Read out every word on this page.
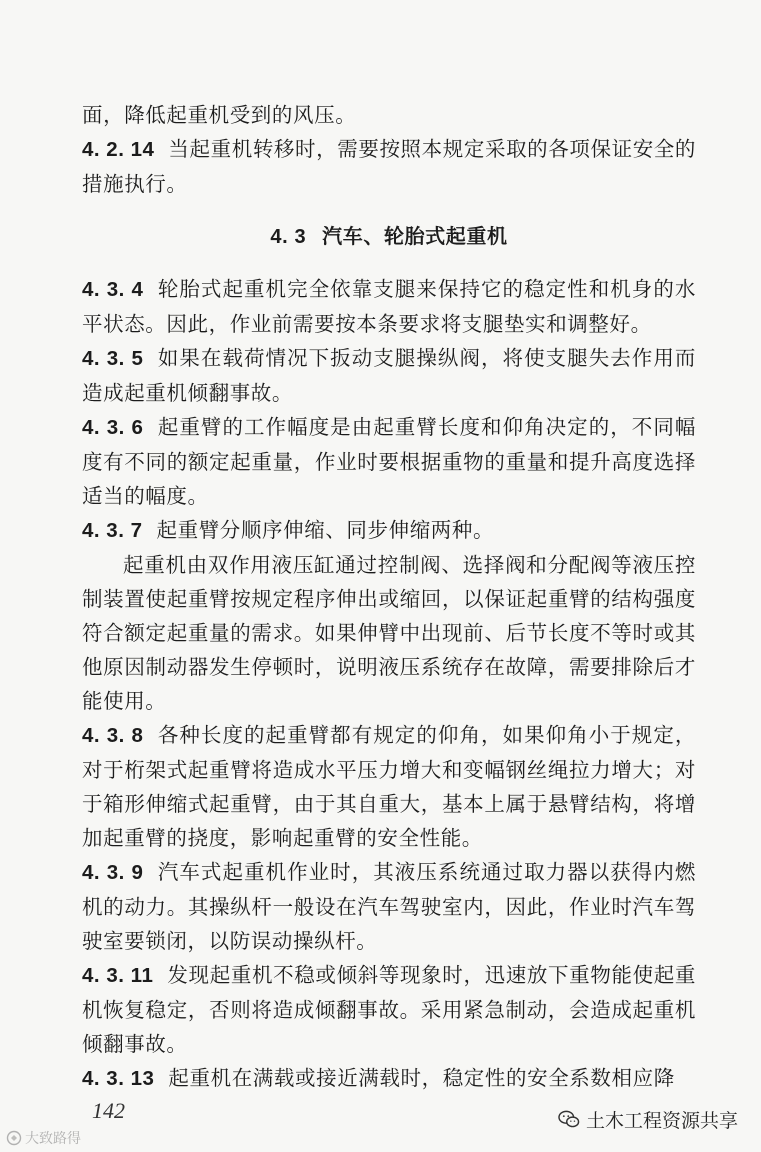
面，降低起重机受到的风压。

4. 2. 14 当起重机转移时，需要按照本规定采取的各项保证安全的措施执行。

4. 3 汽车、轮胎式起重机

4. 3. 4 轮胎式起重机完全依靠支腿来保持它的稳定性和机身的水平状态。因此，作业前需要按本条要求将支腿垫实和调整好。

4. 3. 5 如果在载荷情况下扳动支腿操纵阀，将使支腿失去作用而造成起重机倾翻事故。

4. 3. 6 起重臂的工作幅度是由起重臂长度和仰角决定的，不同幅度有不同的额定起重量，作业时要根据重物的重量和提升高度选择适当的幅度。

4. 3. 7 起重臂分顺序伸缩、同步伸缩两种。

起重机由双作用液压缸通过控制阀、选择阀和分配阀等液压控制装置使起重臂按规定程序伸出或缩回，以保证起重臂的结构强度符合额定起重量的需求。如果伸臂中出现前、后节长度不等时或其他原因制动器发生停顿时，说明液压系统存在故障，需要排除后才能使用。

4. 3. 8 各种长度的起重臂都有规定的仰角，如果仰角小于规定，对于桁架式起重臂将造成水平压力增大和变幅钢丝绳拉力增大；对于箱形伸缩式起重臂，由于其自重大，基本上属于悬臂结构，将增加起重臂的挠度，影响起重臂的安全性能。

4. 3. 9 汽车式起重机作业时，其液压系统通过取力器以获得内燃机的动力。其操纵杆一般设在汽车驾驶室内，因此，作业时汽车驾驶室要锁闭，以防误动操纵杆。

4. 3. 11 发现起重机不稳或倾斜等现象时，迅速放下重物能使起重机恢复稳定，否则将造成倾翻事故。采用紧急制动，会造成起重机倾翻事故。

4. 3. 13 起重机在满载或接近满载时，稳定性的安全系数相应降

142	土木工程资源共享
大致路得
